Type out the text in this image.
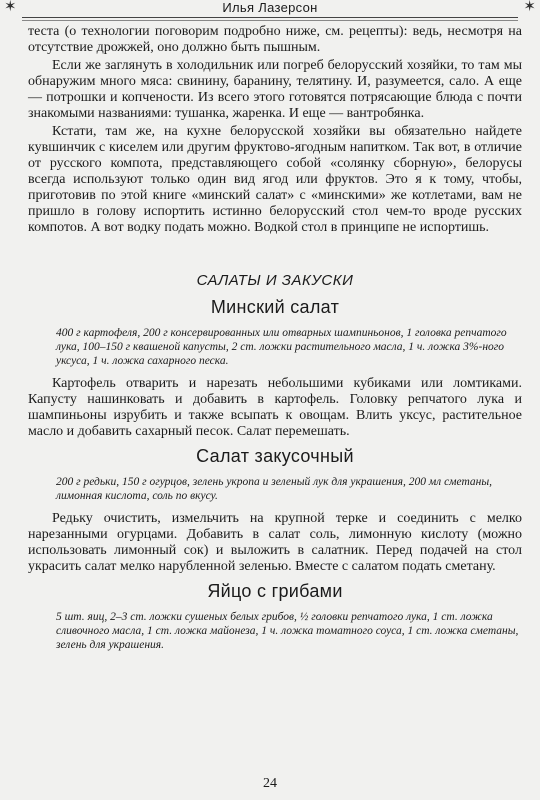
✶	Илья Лазерсон	✶

теста (о технологии поговорим подробно ниже, см. рецепты): ведь, несмотря на отсутствие дрожжей, оно должно быть пышным.

Если же заглянуть в холодильник или погреб белорусский хозяйки, то там мы обнаружим много мяса: свинину, баранину, телятину. И, разумеется, сало. А еще — потрошки и копчености. Из всего этого готовятся потрясающие блюда с почти знакомыми названиями: тушанка, жаренка. И еще — вантробянка.

Кстати, там же, на кухне белорусской хозяйки вы обязательно найдете кувшинчик с киселем или другим фруктово-ягодным напитком. Так вот, в отличие от русского компота, представляющего собой «солянку сборную», белорусы всегда используют только один вид ягод или фруктов. Это я к тому, чтобы, приготовив по этой книге «минский салат» с «минскими» же котлетами, вам не пришло в голову испортить истинно белорусский стол чем-то вроде русских компотов. А вот водку подать можно. Водкой стол в принципе не испортишь.

САЛАТЫ И ЗАКУСКИ
Минский салат
400 г картофеля, 200 г консервированных или отварных шампиньонов, 1 головка репчатого лука, 100–150 г квашеной капусты, 2 ст. ложки растительного масла, 1 ч. ложка 3%-ного уксуса, 1 ч. ложка сахарного песка.

Картофель отварить и нарезать небольшими кубиками или ломтиками. Капусту нашинковать и добавить в картофель. Головку репчатого лука и шампиньоны изрубить и также всыпать к овощам. Влить уксус, растительное масло и добавить сахарный песок. Салат перемешать.

Салат закусочный
200 г редьки, 150 г огурцов, зелень укропа и зеленый лук для украшения, 200 мл сметаны, лимонная кислота, соль по вкусу.

Редьку очистить, измельчить на крупной терке и соединить с мелко нарезанными огурцами. Добавить в салат соль, лимонную кислоту (можно использовать лимонный сок) и выложить в салатник. Перед подачей на стол украсить салат мелко нарубленной зеленью. Вместе с салатом подать сметану.

Яйцо с грибами
5 шт. яиц, 2–3 ст. ложки сушеных белых грибов, ½ головки репчатого лука, 1 ст. ложка сливочного масла, 1 ст. ложка майонеза, 1 ч. ложка томатного соуса, 1 ст. ложка сметаны, зелень для украшения.
24
